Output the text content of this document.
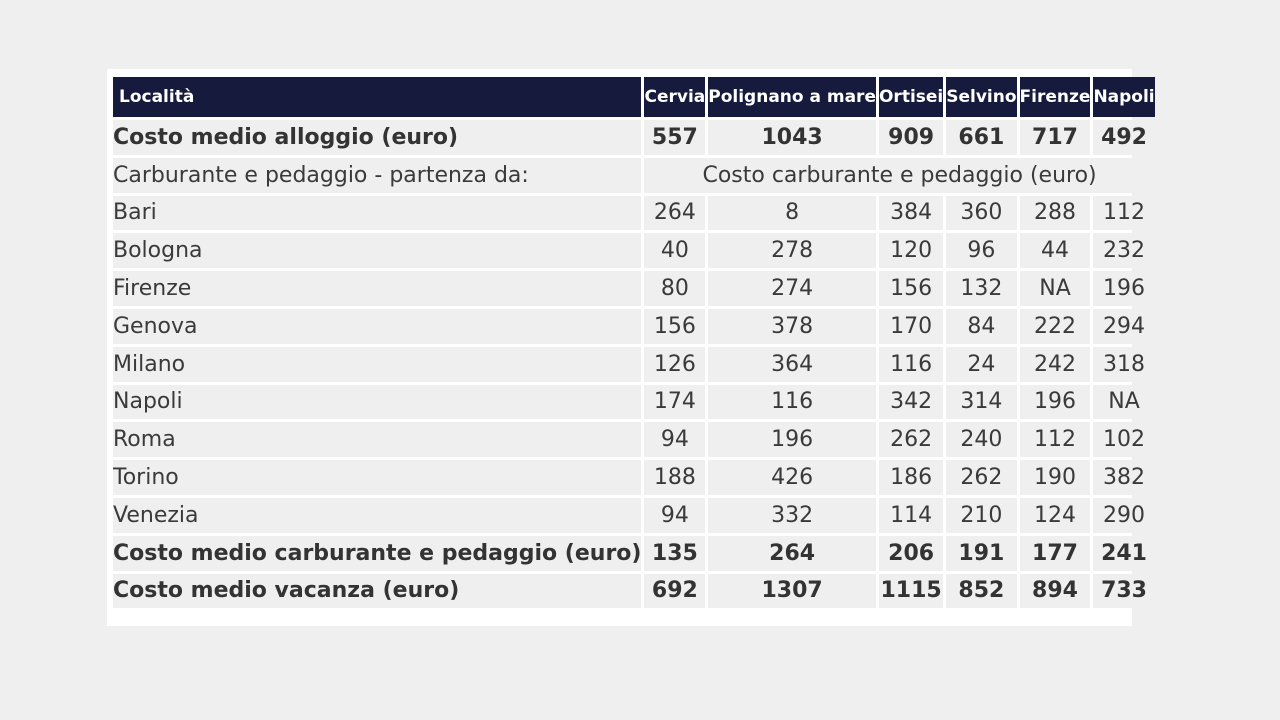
Località	Cervia	Polignano a mare	Ortisei	Selvino	Firenze	Napoli
Costo medio alloggio (euro)	557	1043	909	661	717	492
Carburante e pedaggio - partenza da:	Costo carburante e pedaggio (euro)					
Bari	264	8	384	360	288	112
Bologna	40	278	120	96	44	232
Firenze	80	274	156	132	NA	196
Genova	156	378	170	84	222	294
Milano	126	364	116	24	242	318
Napoli	174	116	342	314	196	NA
Roma	94	196	262	240	112	102
Torino	188	426	186	262	190	382
Venezia	94	332	114	210	124	290
Costo medio carburante e pedaggio (euro)	135	264	206	191	177	241
Costo medio vacanza (euro)	692	1307	1115	852	894	733
